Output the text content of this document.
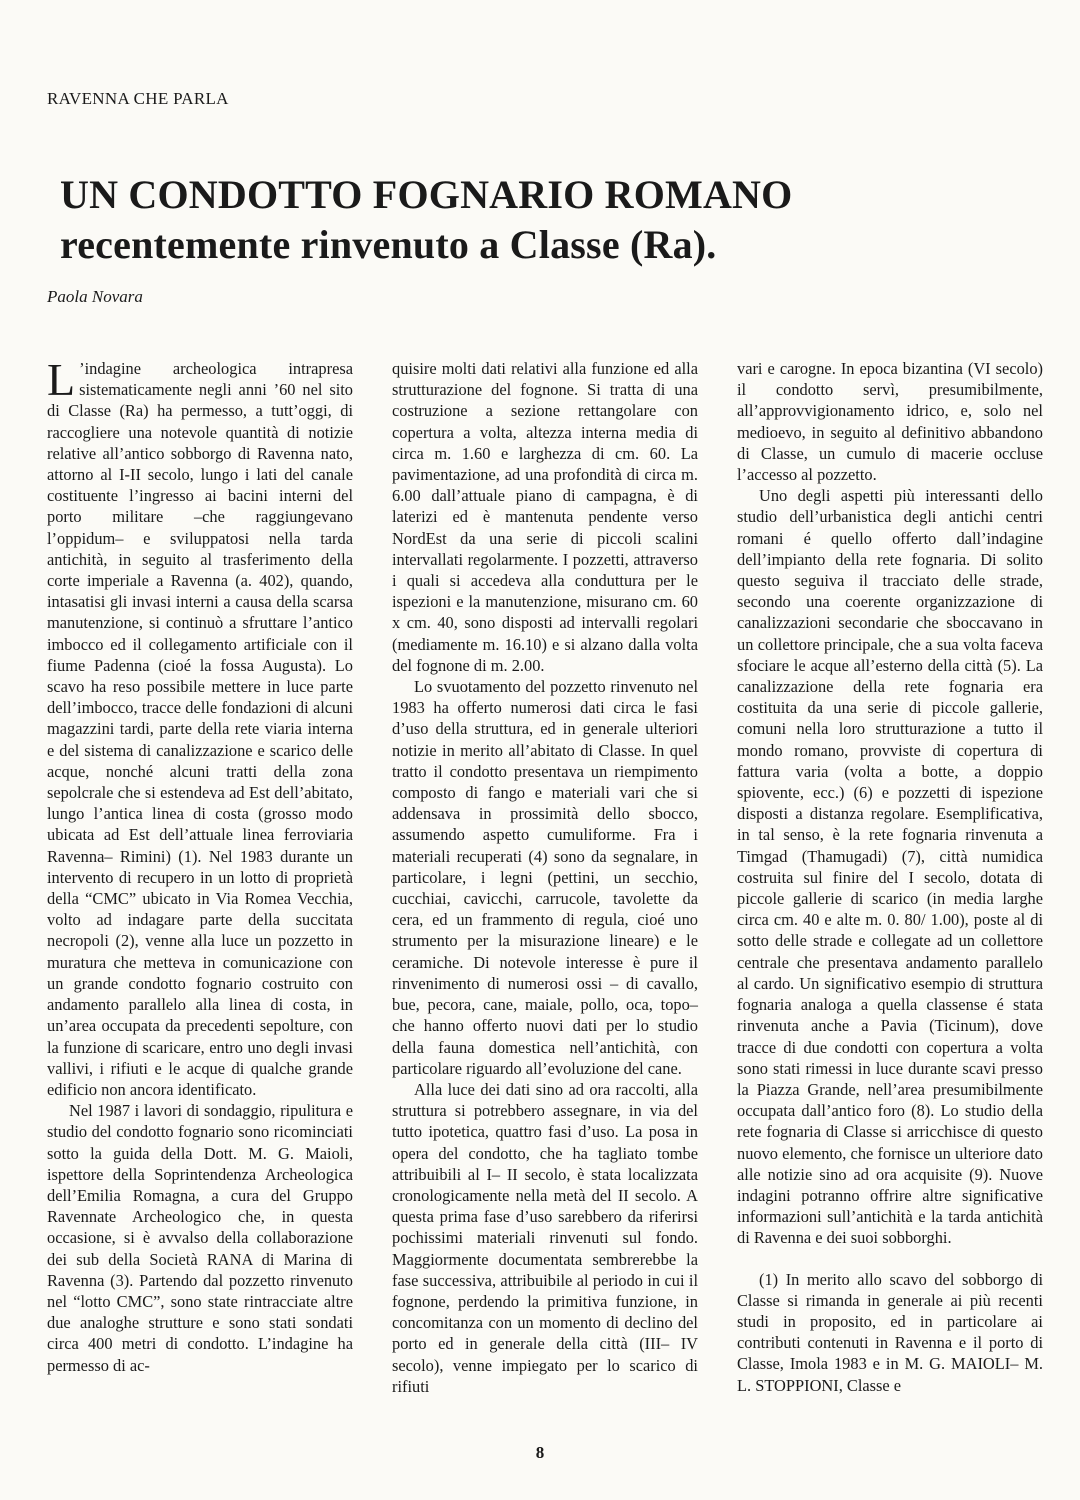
RAVENNA CHE PARLA
UN CONDOTTO FOGNARIO ROMANO
recentemente rinvenuto a Classe (Ra).
Paola Novara

L ’indagine archeologica intrapresa sistematicamente negli anni ’60 nel sito di Classe (Ra) ha permesso, a tutt’oggi, di raccogliere una notevole quantità di notizie relative all’antico sobborgo di Ravenna nato, attorno al I-II secolo, lungo i lati del canale costituente l’ingresso ai bacini interni del porto militare –che raggiungevano l’oppidum– e sviluppatosi nella tarda antichità, in seguito al trasferimento della corte imperiale a Ravenna (a. 402), quando, intasatisi gli invasi interni a causa della scarsa manutenzione, si continuò a sfruttare l’antico imbocco ed il collegamento artificiale con il fiume Padenna (cioé la fossa Augusta). Lo scavo ha reso possibile mettere in luce parte dell’imbocco, tracce delle fondazioni di alcuni magazzini tardi, parte della rete viaria interna e del sistema di canalizzazione e scarico delle acque, nonché alcuni tratti della zona sepolcrale che si estendeva ad Est dell’abitato, lungo l’antica linea di costa (grosso modo ubicata ad Est dell’attuale linea ferroviaria Ravenna– Rimini) (1). Nel 1983 durante un intervento di recupero in un lotto di proprietà della “CMC” ubicato in Via Romea Vecchia, volto ad indagare parte della succitata necropoli (2), venne alla luce un pozzetto in muratura che metteva in comunicazione con un grande condotto fognario costruito con andamento parallelo alla linea di costa, in un’area occupata da precedenti sepolture, con la funzione di scaricare, entro uno degli invasi vallivi, i rifiuti e le acque di qualche grande edificio non ancora identificato.

Nel 1987 i lavori di sondaggio, ripulitura e studio del condotto fognario sono ricominciati sotto la guida della Dott. M. G. Maioli, ispettore della Soprintendenza Archeologica dell’Emilia Romagna, a cura del Gruppo Ravennate Archeologico che, in questa occasione, si è avvalso della collaborazione dei sub della Società RANA di Marina di Ravenna (3). Partendo dal pozzetto rinvenuto nel “lotto CMC”, sono state rintracciate altre due analoghe strutture e sono stati sondati circa 400 metri di condotto. L’indagine ha permesso di ac-

quisire molti dati relativi alla funzione ed alla strutturazione del fognone. Si tratta di una costruzione a sezione rettangolare con copertura a volta, altezza interna media di circa m. 1.60 e larghezza di cm. 60. La pavimentazione, ad una profondità di circa m. 6.00 dall’attuale piano di campagna, è di laterizi ed è mantenuta pendente verso NordEst da una serie di piccoli scalini intervallati regolarmente. I pozzetti, attraverso i quali si accedeva alla conduttura per le ispezioni e la manutenzione, misurano cm. 60 x cm. 40, sono disposti ad intervalli regolari (mediamente m. 16.10) e si alzano dalla volta del fognone di m. 2.00.

Lo svuotamento del pozzetto rinvenuto nel 1983 ha offerto numerosi dati circa le fasi d’uso della struttura, ed in generale ulteriori notizie in merito all’abitato di Classe. In quel tratto il condotto presentava un riempimento composto di fango e materiali vari che si addensava in prossimità dello sbocco, assumendo aspetto cumuliforme. Fra i materiali recuperati (4) sono da segnalare, in particolare, i legni (pettini, un secchio, cucchiai, cavicchi, carrucole, tavolette da cera, ed un frammento di regula, cioé uno strumento per la misurazione lineare) e le ceramiche. Di notevole interesse è pure il rinvenimento di numerosi ossi – di cavallo, bue, pecora, cane, maiale, pollo, oca, topo– che hanno offerto nuovi dati per lo studio della fauna domestica nell’antichità, con particolare riguardo all’evoluzione del cane.

Alla luce dei dati sino ad ora raccolti, alla struttura si potrebbero assegnare, in via del tutto ipotetica, quattro fasi d’uso. La posa in opera del condotto, che ha tagliato tombe attribuibili al I– II secolo, è stata localizzata cronologicamente nella metà del II secolo. A questa prima fase d’uso sarebbero da riferirsi pochissimi materiali rinvenuti sul fondo. Maggiormente documentata sembrerebbe la fase successiva, attribuibile al periodo in cui il fognone, perdendo la primitiva funzione, in concomitanza con un momento di declino del porto ed in generale della città (III– IV secolo), venne impiegato per lo scarico di rifiuti

vari e carogne. In epoca bizantina (VI secolo) il condotto servì, presumibilmente, all’approvvigionamento idrico, e, solo nel medioevo, in seguito al definitivo abbandono di Classe, un cumulo di macerie occluse l’accesso al pozzetto.

Uno degli aspetti più interessanti dello studio dell’urbanistica degli antichi centri romani é quello offerto dall’indagine dell’impianto della rete fognaria. Di solito questo seguiva il tracciato delle strade, secondo una coerente organizzazione di canalizzazioni secondarie che sboccavano in un collettore principale, che a sua volta faceva sfociare le acque all’esterno della città (5). La canalizzazione della rete fognaria era costituita da una serie di piccole gallerie, comuni nella loro strutturazione a tutto il mondo romano, provviste di copertura di fattura varia (volta a botte, a doppio spiovente, ecc.) (6) e pozzetti di ispezione disposti a distanza regolare. Esemplificativa, in tal senso, è la rete fognaria rinvenuta a Timgad (Thamugadi) (7), città numidica costruita sul finire del I secolo, dotata di piccole gallerie di scarico (in media larghe circa cm. 40 e alte m. 0. 80/ 1.00), poste al di sotto delle strade e collegate ad un collettore centrale che presentava andamento parallelo al cardo. Un significativo esempio di struttura fognaria analoga a quella classense é stata rinvenuta anche a Pavia (Ticinum), dove tracce di due condotti con copertura a volta sono stati rimessi in luce durante scavi presso la Piazza Grande, nell’area presumibilmente occupata dall’antico foro (8). Lo studio della rete fognaria di Classe si arricchisce di questo nuovo elemento, che fornisce un ulteriore dato alle notizie sino ad ora acquisite (9). Nuove indagini potranno offrire altre significative informazioni sull’antichità e la tarda antichità di Ravenna e dei suoi sobborghi.

(1) In merito allo scavo del sobborgo di Classe si rimanda in generale ai più recenti studi in proposito, ed in particolare ai contributi contenuti in Ravenna e il porto di Classe, Imola 1983 e in M. G. MAIOLI– M. L. STOPPIONI, Classe e

8
